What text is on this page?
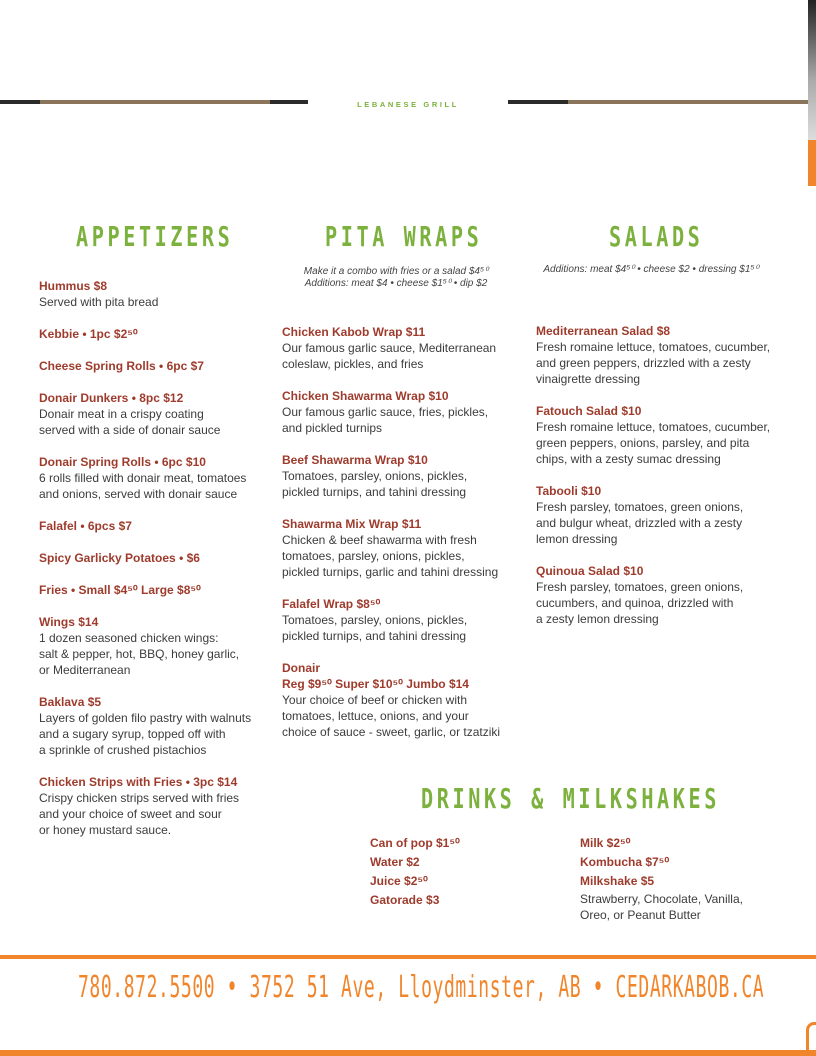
LEBANESE GRILL
APPETIZERS	PITA WRAPS	SALADS
Hummus $8
Served with pita bread
Kebbie • 1pc $2⁵⁰
Cheese Spring Rolls • 6pc $7
Donair Dunkers • 8pc $12
Donair meat in a crispy coating
served with a side of donair sauce
Donair Spring Rolls • 6pc $10
6 rolls filled with donair meat, tomatoes
and onions, served with donair sauce
Falafel • 6pcs $7
Spicy Garlicky Potatoes • $6
Fries • Small $4⁵⁰ Large $8⁵⁰
Wings $14
1 dozen seasoned chicken wings:
salt & pepper, hot, BBQ, honey garlic,
or Mediterranean
Baklava $5
Layers of golden filo pastry with walnuts
and a sugary syrup, topped off with
a sprinkle of crushed pistachios
Chicken Strips with Fries • 3pc $14
Crispy chicken strips served with fries
and your choice of sweet and sour
or honey mustard sauce.
Make it a combo with fries or a salad $4⁵⁰
Additions: meat $4 • cheese $1⁵⁰ • dip $2
Chicken Kabob Wrap $11
Our famous garlic sauce, Mediterranean
coleslaw, pickles, and fries
Chicken Shawarma Wrap $10
Our famous garlic sauce, fries, pickles,
and pickled turnips
Beef Shawarma Wrap $10
Tomatoes, parsley, onions, pickles,
pickled turnips, and tahini dressing
Shawarma Mix Wrap $11
Chicken & beef shawarma with fresh
tomatoes, parsley, onions, pickles,
pickled turnips, garlic and tahini dressing
Falafel Wrap $8⁵⁰
Tomatoes, parsley, onions, pickles,
pickled turnips, and tahini dressing
Donair
Reg $9⁵⁰ Super $10⁵⁰ Jumbo $14
Your choice of beef or chicken with
tomatoes, lettuce, onions, and your
choice of sauce - sweet, garlic, or tzatziki
Additions: meat $4⁵⁰ • cheese $2 • dressing $1⁵⁰
Mediterranean Salad $8
Fresh romaine lettuce, tomatoes, cucumber,
and green peppers, drizzled with a zesty
vinaigrette dressing
Fatouch Salad $10
Fresh romaine lettuce, tomatoes, cucumber,
green peppers, onions, parsley, and pita
chips, with a zesty sumac dressing
Tabooli $10
Fresh parsley, tomatoes, green onions,
and bulgur wheat, drizzled with a zesty
lemon dressing
Quinoua Salad $10
Fresh parsley, tomatoes, green onions,
cucumbers, and quinoa, drizzled with
a zesty lemon dressing
DRINKS & MILKSHAKES
Can of pop $1⁵⁰
Water $2
Juice $2⁵⁰
Gatorade $3
Milk $2⁵⁰
Kombucha $7⁵⁰
Milkshake $5
Strawberry, Chocolate, Vanilla,
Oreo, or Peanut Butter
780.872.5500 • 3752 51 Ave, Lloydminster, AB • CEDARKABOB.CA
